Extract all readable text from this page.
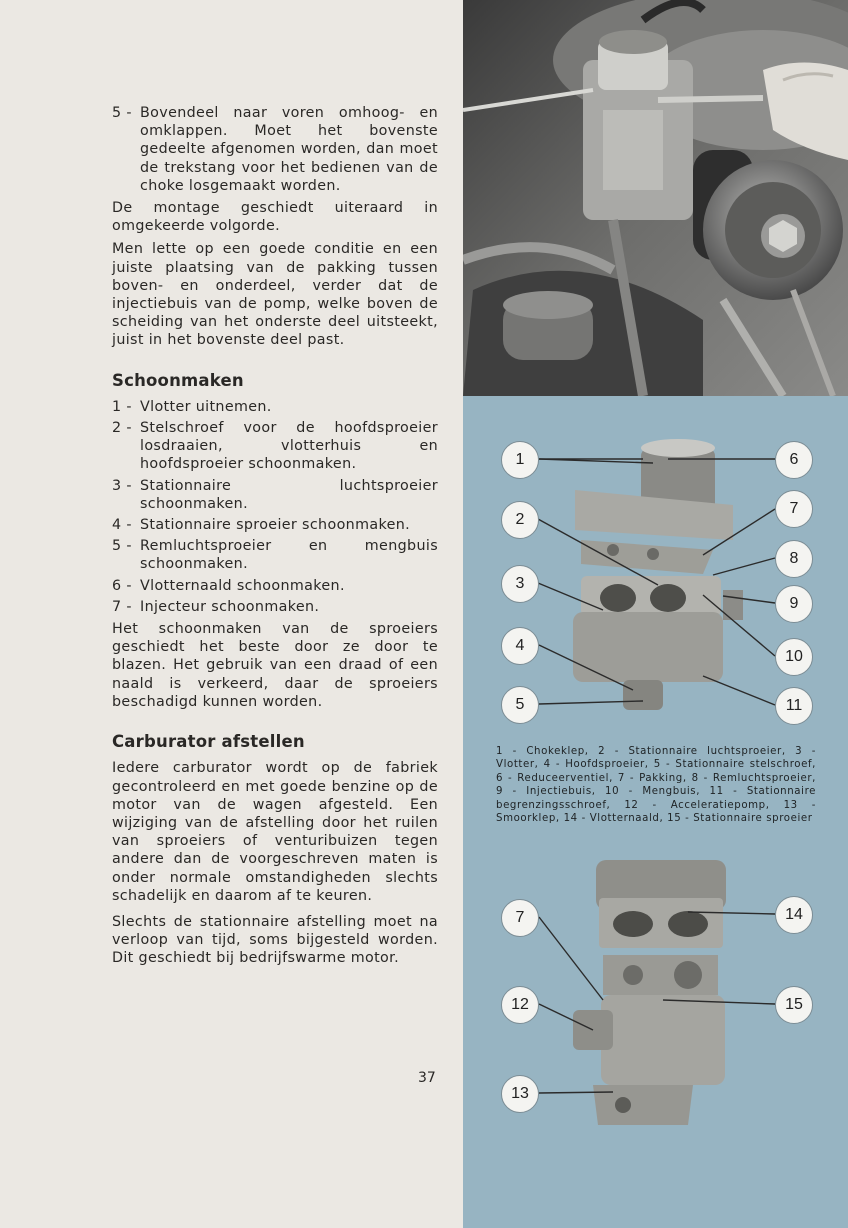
5 - Bovendeel naar voren omhoog- en omklappen. Moet het bovenste gedeelte afgenomen worden, dan moet de trekstang voor het bedienen van de choke losgemaakt worden.

De montage geschiedt uiteraard in omgekeerde volgorde.

Men lette op een goede conditie en een juiste plaatsing van de pakking tussen boven- en onderdeel, verder dat de injectiebuis van de pomp, welke boven de scheiding van het onderste deel uitsteekt, juist in het bovenste deel past.

Schoonmaken
1 - Vlotter uitnemen.
2 - Stelschroef voor de hoofdsproeier losdraaien, vlotterhuis en hoofdsproeier schoonmaken.
3 - Stationnaire luchtsproeier schoonmaken.
4 - Stationnaire sproeier schoonmaken.
5 - Remluchtsproeier en mengbuis schoonmaken.
6 - Vlotternaald schoonmaken.
7 - Injecteur schoonmaken.

Het schoonmaken van de sproeiers geschiedt het beste door ze door te blazen. Het gebruik van een draad of een naald is verkeerd, daar de sproeiers beschadigd kunnen worden.

Carburator afstellen

Iedere carburator wordt op de fabriek gecontroleerd en met goede benzine op de motor van de wagen afgesteld. Een wijziging van de afstelling door het ruilen van sproeiers of venturibuizen tegen andere dan de voorgeschreven maten is onder normale omstandigheden slechts schadelijk en daarom af te keuren.

Slechts de stationnaire afstelling moet na verloop van tijd, soms bijgesteld worden. Dit geschiedt bij bedrijfswarme motor.

37
1
2
3
4
5
6
7
8
9
10
11
1 - Chokeklep, 2 - Stationnaire luchtsproeier, 3 - Vlotter, 4 - Hoofdsproeier, 5 - Stationnaire stelschroef, 6 - Reduceerventiel, 7 - Pakking, 8 - Remluchtsproeier, 9 - Injectiebuis, 10 - Mengbuis, 11 - Stationnaire begrenzingsschroef, 12 - Acceleratiepomp, 13 - Smoorklep, 14 - Vlotternaald, 15 - Stationnaire sproeier
7
12
13
14
15
